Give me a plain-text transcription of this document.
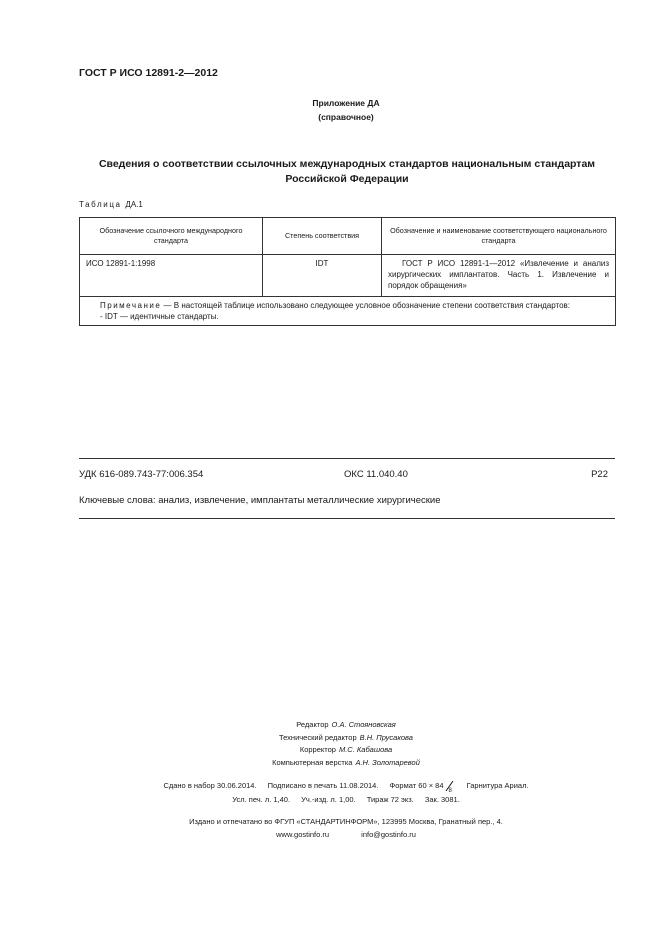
ГОСТ Р ИСО 12891-2—2012
Приложение ДА
(справочное)
Сведения о соответствии ссылочных международных стандартов национальным стандартам
Российской Федерации
Таблица ДА.1
Обозначение ссылочного международного стандарта	Степень соответствия	Обозначение и наименование соответствующего национального стандарта
ИСО 12891-1:1998	IDT	ГОСТ Р ИСО 12891-1—2012 «Извлечение и анализ хирургических имплантатов. Часть 1. Извлечение и порядок обращения»

Примечание — В настоящей таблице использовано следующее условное обозначение степени соответствия стандартов:
- IDT — идентичные стандарты.		
УДК 616-089.743-77:006.354	ОКС 11.040.40	Р22
Ключевые слова: анализ, извлечение, имплантаты металлические хирургические
Редактор О.А. Стояновская
Технический редактор В.Н. Прусакова
Корректор М.С. Кабашова
Компьютерная верстка А.Н. Золотаревой
Сдано в набор 30.06.2014. Подписано в печать 11.08.2014. Формат 60 × 84
8
Гарнитура Ариал.
Усл. печ. л. 1,40. Уч.-изд. л. 1,00. Тираж 72 экз. Зак. 3081.
Издано и отпечатано во ФГУП «СТАНДАРТИНФОРМ», 123995 Москва, Гранатный пер., 4.
www.gostinfo.ru	info@gostinfo.ru
